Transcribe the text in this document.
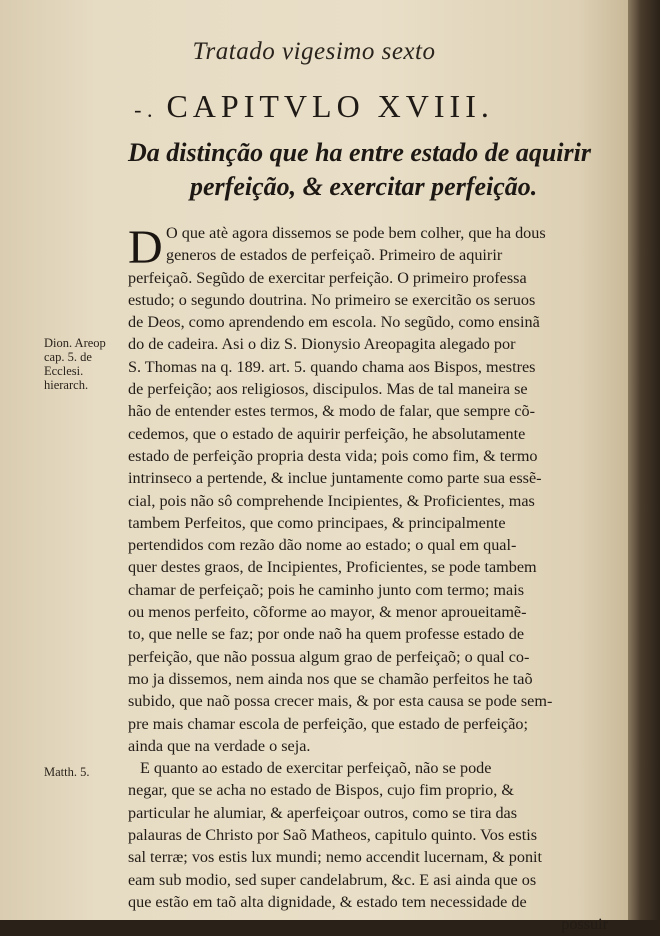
Tratado vigesimo sexto
- . CAPITVLO XVIII.
Da distinção que ha entre estado de aquirir
perfeição, & exercitar perfeição.
D
Dion. Areop cap. 5. de Ecclesi. hierarch.
Matth. 5.
O que atè agora dissemos se pode bem colher, que ha dous
generos de estados de perfeiçaõ. Primeiro de aquirir
perfeiçaõ. Segũdo de exercitar perfeição. O primeiro professa
estudo; o segundo doutrina. No primeiro se exercitão os seruos
de Deos, como aprendendo em escola. No segũdo, como ensinã
do de cadeira. Asi o diz S. Dionysio Areopagita alegado por
S. Thomas na q. 189. art. 5. quando chama aos Bispos, mestres
de perfeição; aos religiosos, discipulos. Mas de tal maneira se
hão de entender estes termos, & modo de falar, que sempre cõ-
cedemos, que o estado de aquirir perfeição, he absolutamente
estado de perfeição propria desta vida; pois como fim, & termo
intrinseco a pertende, & inclue juntamente como parte sua essẽ-
cial, pois não sô comprehende Incipientes, & Proficientes, mas
tambem Perfeitos, que como principaes, & principalmente
pertendidos com rezão dão nome ao estado; o qual em qual-
quer destes graos, de Incipientes, Proficientes, se pode tambem
chamar de perfeiçaõ; pois he caminho junto com termo; mais
ou menos perfeito, cõforme ao mayor, & menor aproueitamẽ-
to, que nelle se faz; por onde naõ ha quem professe estado de
perfeição, que não possua algum grao de perfeiçaõ; o qual co-
mo ja dissemos, nem ainda nos que se chamão perfeitos he taõ
subido, que naõ possa crecer mais, & por esta causa se pode sem-
pre mais chamar escola de perfeição, que estado de perfeição;
ainda que na verdade o seja.
E quanto ao estado de exercitar perfeiçaõ, não se pode
negar, que se acha no estado de Bispos, cujo fim proprio, &
particular he alumiar, & aperfeiçoar outros, como se tira das
palauras de Christo por Saõ Matheos, capitulo quinto. Vos estis
sal terræ; vos estis lux mundi; nemo accendit lucernam, & ponit
eam sub modio, sed super candelabrum, &c. E asi ainda que os
que estão em taõ alta dignidade, & estado tem necessidade de
possuir
